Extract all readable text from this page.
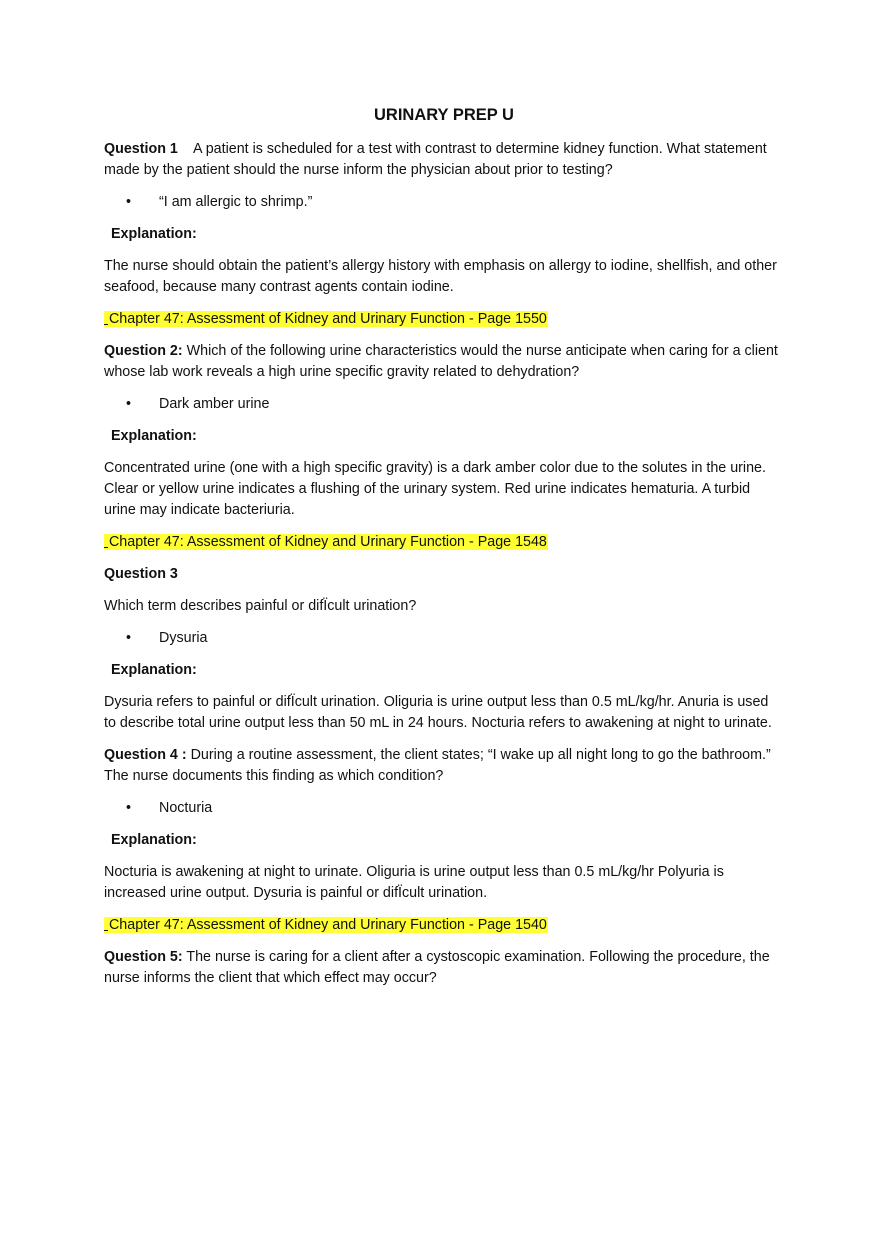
URINARY PREP U

Question 1 A patient is scheduled for a test with contrast to determine kidney function. What statement made by the patient should the nurse inform the physician about prior to testing?

• “I am allergic to shrimp.”
Explanation:

The nurse should obtain the patient’s allergy history with emphasis on allergy to iodine, shellfish, and other seafood, because many contrast agents contain iodine.

Chapter 47: Assessment of Kidney and Urinary Function - Page 1550

Question 2: Which of the following urine characteristics would the nurse anticipate when caring for a client whose lab work reveals a high urine specific gravity related to dehydration?

• Dark amber urine
Explanation:

Concentrated urine (one with a high specific gravity) is a dark amber color due to the solutes in the urine. Clear or yellow urine indicates a flushing of the urinary system. Red urine indicates hematuria. A turbid urine may indicate bacteriuria.

Chapter 47: Assessment of Kidney and Urinary Function - Page 1548

Question 3

Which term describes painful or difÏcult urination?

• Dysuria
Explanation:

Dysuria refers to painful or difÏcult urination. Oliguria is urine output less than 0.5 mL/kg/hr. Anuria is used to describe total urine output less than 50 mL in 24 hours. Nocturia refers to awakening at night to urinate.

Question 4 : During a routine assessment, the client states; “I wake up all night long to go the bathroom.” The nurse documents this finding as which condition?

• Nocturia
Explanation:

Nocturia is awakening at night to urinate. Oliguria is urine output less than 0.5 mL/kg/hr Polyuria is increased urine output. Dysuria is painful or difÏcult urination.

Chapter 47: Assessment of Kidney and Urinary Function - Page 1540

Question 5: The nurse is caring for a client after a cystoscopic examination. Following the procedure, the nurse informs the client that which effect may occur?
